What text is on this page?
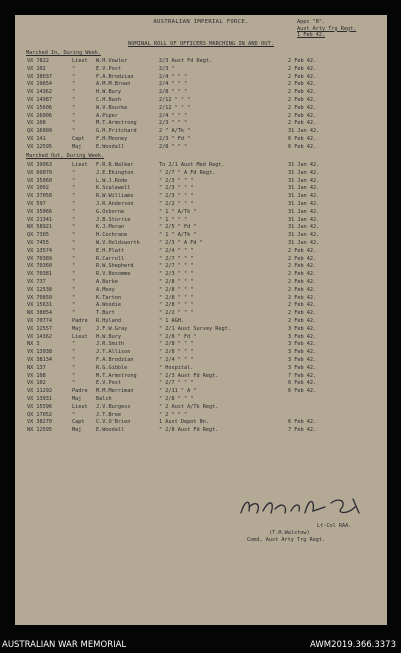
AUSTRALIAN IMPERIAL FORCE.	Appx "B".
Aust Arty Trg Regt.
1 Feb 42.
NOMINAL ROLL OF OFFICERS MARCHING IN AND OUT.
Marched In, During Week.
VX 7822	Lieut W.H.Vowler	2/3 Aust Fd Regt.	2 Feb 42.
VX 102	"	E.V.Post	2/3 "	2 Feb 42.
VX 38037	"	F.A.Brodzian	2/4 " " "	2 Feb 42.
VX 19654	"	A.M.M.Brown	2/4 " " "	2 Feb 42.
VX 14362	"	H.W.Bury	2/8 " " "	2 Feb 42.
VX 14987	"	C.H.Bush	2/12 " " "	2 Feb 42.
VX 15606	"	W.V.Bourke	2/12 " " "	2 Feb 42.
VX 26006	"	A.Piper	2/4 " " "	2 Feb 42.
VX 108	"	M.T.Armstrong	2/3 " " "	2 Feb 42.
QX 16009	"	G.H.Pritchard	2 " A/Tk "	31 Jan 42.
VX 141	Capt F.H.Mooney	2/3 " Fd "	6 Feb 42.
VX 12595	Maj	E.Woodall	2/8 " " "	6 Feb 42.
Marched Out, During Week.
VX 39063	Lieut F.R.R.Walker	To 2/1 Aust Med Regt.	31 Jan 42.
VX 60070	"	J.E.Ekington	" 2/7 " A Fd Regt.	31 Jan 42.
VX 35060	"	L.W.J.Rode	" 2/3 " " "	31 Jan 42.
VX 1002	"	K.Scalewell	" 2/3 " " "	31 Jan 42.
VX 37058	"	R.W.Williams	" 2/3 " " "	31 Jan 42.
VX 597	"	J.R.Anderson	" 2/2 " " "	31 Jan 42.
VX 35066	"	G.Osborne	" 1 " A/Tk "	31 Jan 42.
VX 21341	"	J.B.Storrie	" 1 " " "	31 Jan 42.
NX 58921	"	K.J.Moran	" 2/5 " Fd "	31 Jan 42.
QX 7305	"	H.Cochrane	" 1 " A/Tk "	31 Jan 42.
VX 7455	"	W.V.Holdsworth	" 2/3 " A Fd "	31 Jan 42.
VX 13574	"	E.H.Platt	" 2/4 " " "	2 Feb 42.
VX 70389	"	R.Carroll	" 2/7 " " "	2 Feb 42.
VX 70360	"	R.W.Shepherd	" 2/7 " " "	2 Feb 42.
VX 70381	"	R.V.Bosomme	" 2/3 " " "	2 Feb 42.
VX 737	"	A.Burke	" 2/8 " " "	2 Feb 42.
VX 12538	"	A.Mooy	" 2/8 " " "	2 Feb 42.
VX 70850	"	K.Tarton	" 2/8 " " "	2 Feb 42.
VX 15631	"	A.Woodie	" 2/8 " " "	2 Feb 42.
NX 38054	"	T.Burt	" 2/2 " " "	2 Feb 42.
VX 70774	Padre R.Hyland	" 1 AGH.	2 Feb 42.
VX 12557	Maj	J.F.W.Gray	" 2/1 Aust Survey Regt.	3 Feb 42.
VX 14362	Lieut H.W.Bury	" 2/8 " Fd "	3 Feb 42.
NX 3	"	J.R.Smith	" 2/8 " " "	3 Feb 42.
VX 13938	"	J.T.Allison	" 2/8 " " "	3 Feb 42.
VX 38134	"	F.A.Brodzian	" 2/4 " " "	3 Feb 42.
NX 137	"	R.G.Gibble	" Hospital.	3 Feb 42.
VX 108	"	M.T.Armstrong	" 2/3 Aust Fd Regt.	7 Feb 42.
VX 102	"	E.V.Post	" 2/7 " " "	6 Feb 42.
VX 11292	Padre M.M.Merriman	" 2/11 " A "	6 Feb 42.
VX 13931	Maj	Balch	" 2/8 " " "
VX 15596	Lieut J.V.Burgess	" 2 Aust A/Tk Regt.
QX 17052	"	J.T.Bree	" 2 " " "
VX 38270	Capt C.V.O'Brien	1 Aust Depot Bn.	6 Feb 42.
NX 12595	Maj	E.Woodall	" 2/8 Aust Fd Regt.	7 Feb 42.
Lt-Col RAA.
(T.H.Walstow)
Comd, Aust Arty Trg Regt.
AUSTRALIAN WAR MEMORIAL	AWM2019.366.3373
